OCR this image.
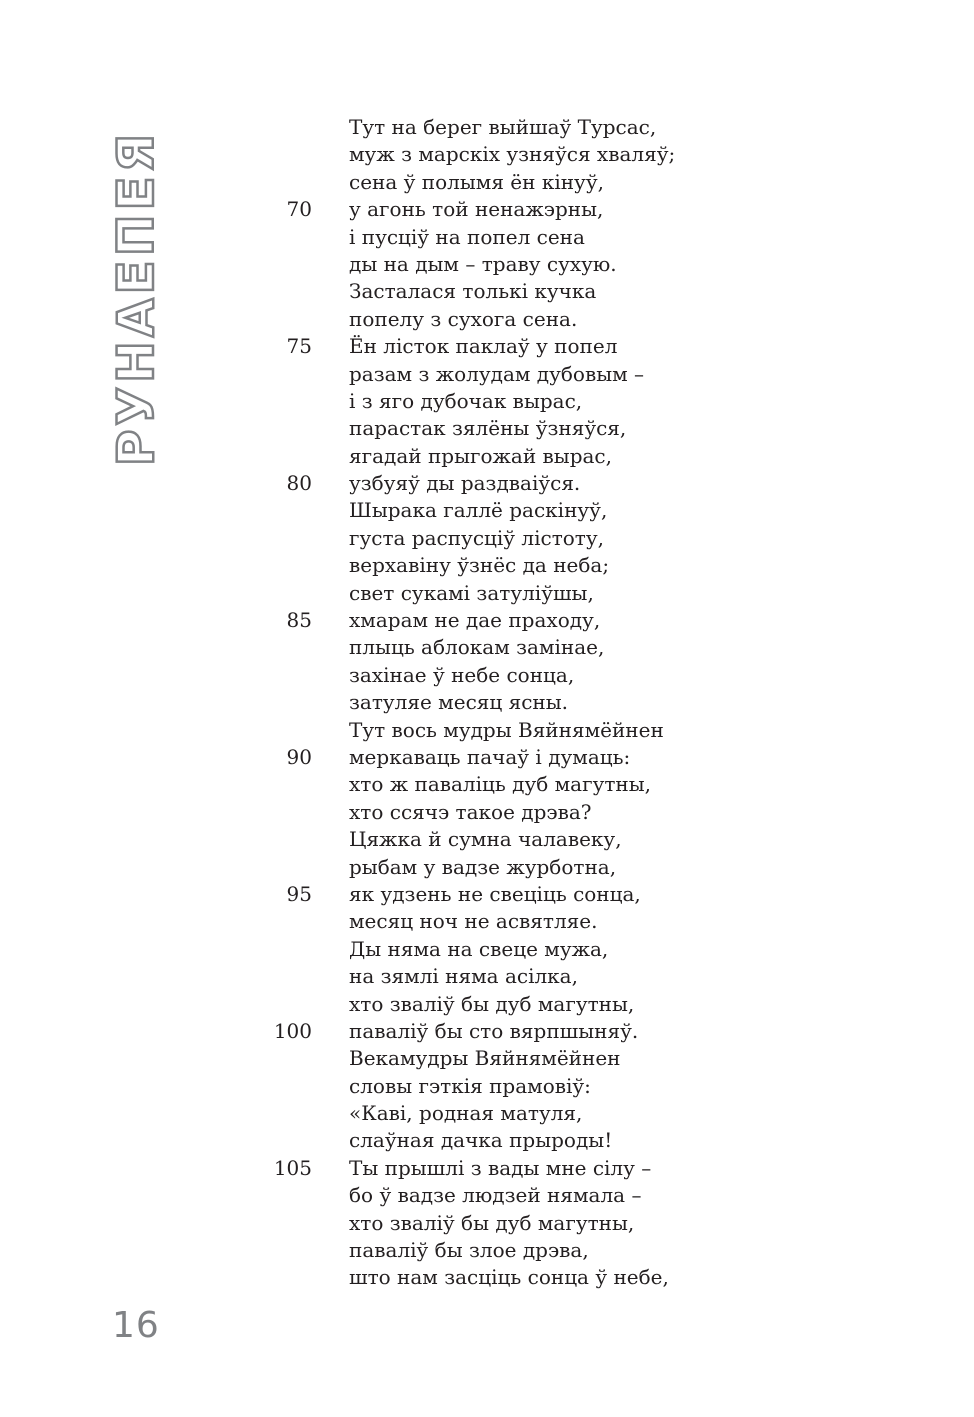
РУНАЕПЕЯ
Тут на берег выйшаў Турсас,
муж з марскіх узняўся хваляў;
сена ў полымя ён кінуў,
70 у агонь той ненажэрны,
і пусціў на попел сена
ды на дым – траву сухую.
Засталася толькі кучка
попелу з сухога сена.
75 Ён лісток паклаў у попел
разам з жолудам дубовым –
і з яго дубочак вырас,
парастак зялёны ўзняўся,
ягадай прыгожай вырас,
80 узбуяў ды раздваіўся.
Шырака галлё раскінуў,
густа распусціў лістоту,
верхавіну ўзнёс да неба;
свет сукамі затуліўшы,
85 хмарам не дае праходу,
плыць аблокам замінае,
захінае ў небе сонца,
затуляе месяц ясны.
Тут вось мудры Вяйнямёйнен
90 меркаваць пачаў і думаць:
хто ж паваліць дуб магутны,
хто ссячэ такое дрэва?
Цяжка й сумна чалавеку,
рыбам у вадзе журботна,
95 як удзень не свеціць сонца,
месяц ноч не асвятляе.
Ды няма на свеце мужа,
на зямлі няма асілка,
хто зваліў бы дуб магутны,
100 паваліў бы сто вярпшыняў.
Векамудры Вяйнямёйнен
словы гэткія прамовіў:
«Каві, родная матуля,
слаўная дачка прыроды!
105 Ты прышлі з вады мне сілу –
бо ў вадзе людзей нямала –
хто зваліў бы дуб магутны,
паваліў бы злое дрэва,
што нам засціць сонца ў небе,
16
